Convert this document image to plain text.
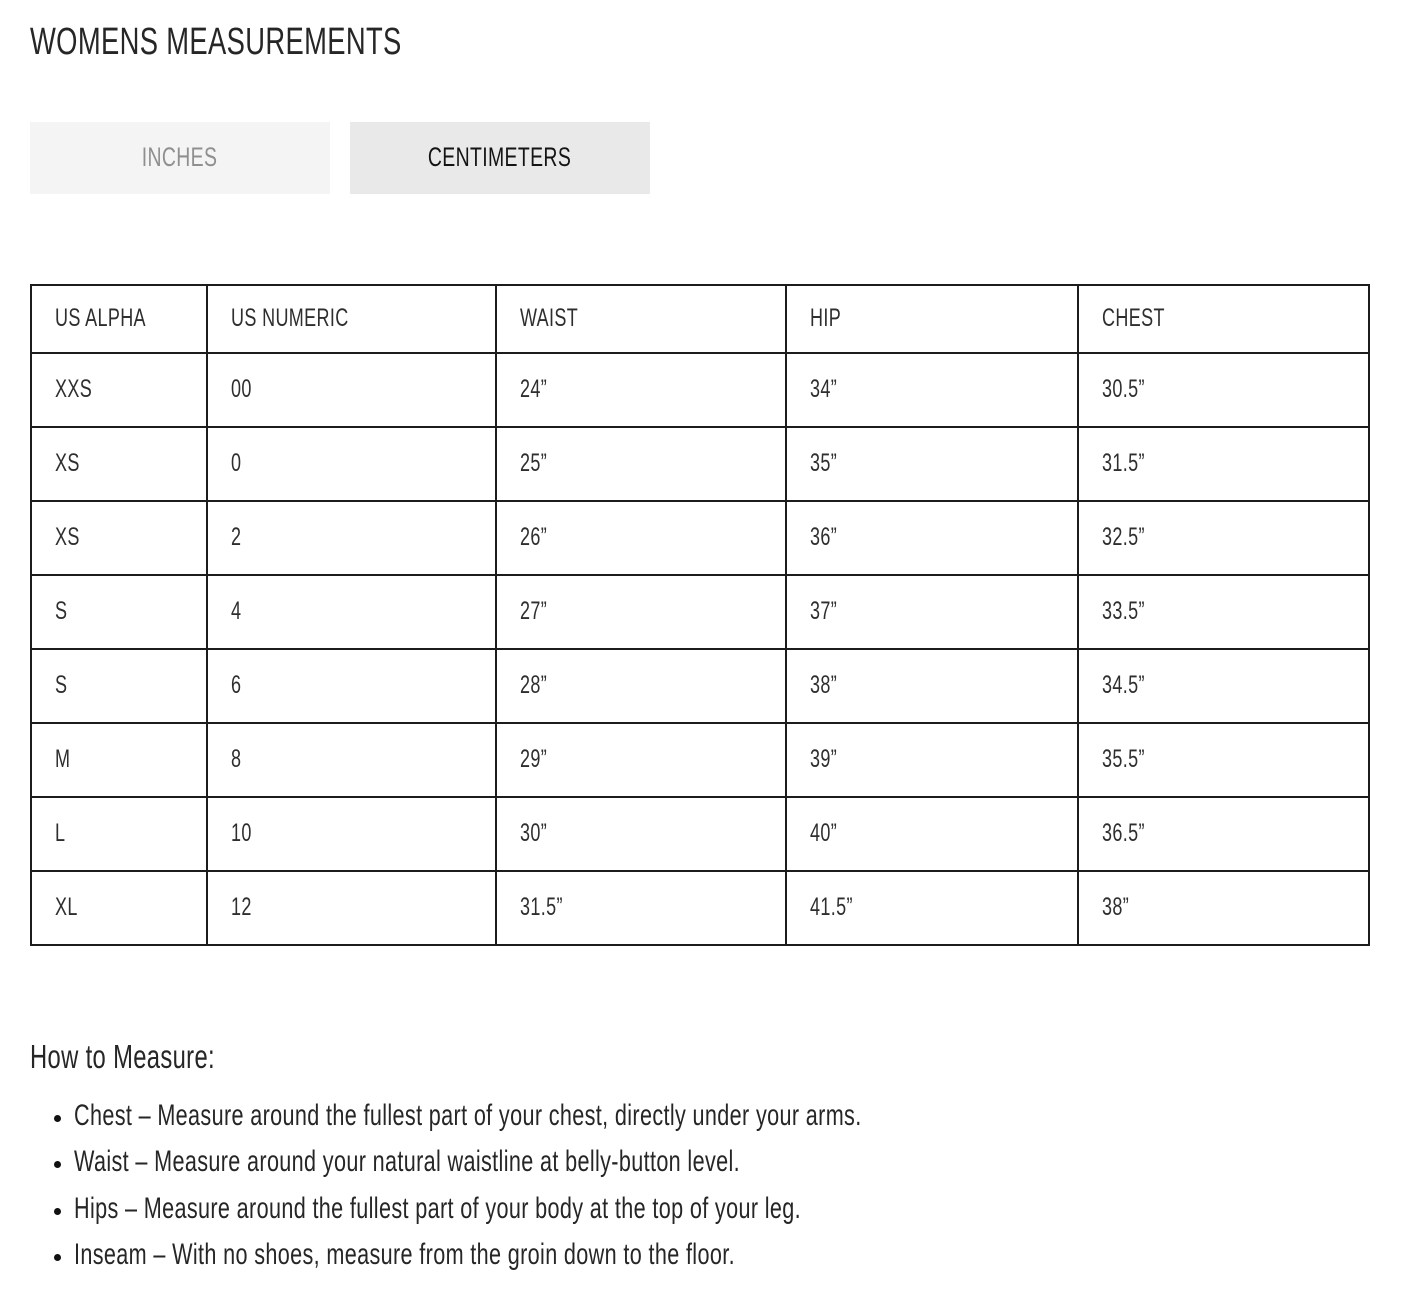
WOMENS MEASUREMENTS
INCHES	CENTIMETERS
US ALPHA	US NUMERIC	WAIST	HIP	CHEST
XXS	00	24”	34”	30.5”
XS	0	25”	35”	31.5”
XS	2	26”	36”	32.5”
S	4	27”	37”	33.5”
S	6	28”	38”	34.5”
M	8	29”	39”	35.5”
L	10	30”	40”	36.5”
XL	12	31.5”	41.5”	38”
How to Measure:
• Chest – Measure around the fullest part of your chest, directly under your arms.
• Waist – Measure around your natural waistline at belly-button level.
• Hips – Measure around the fullest part of your body at the top of your leg.
• Inseam – With no shoes, measure from the groin down to the floor.
